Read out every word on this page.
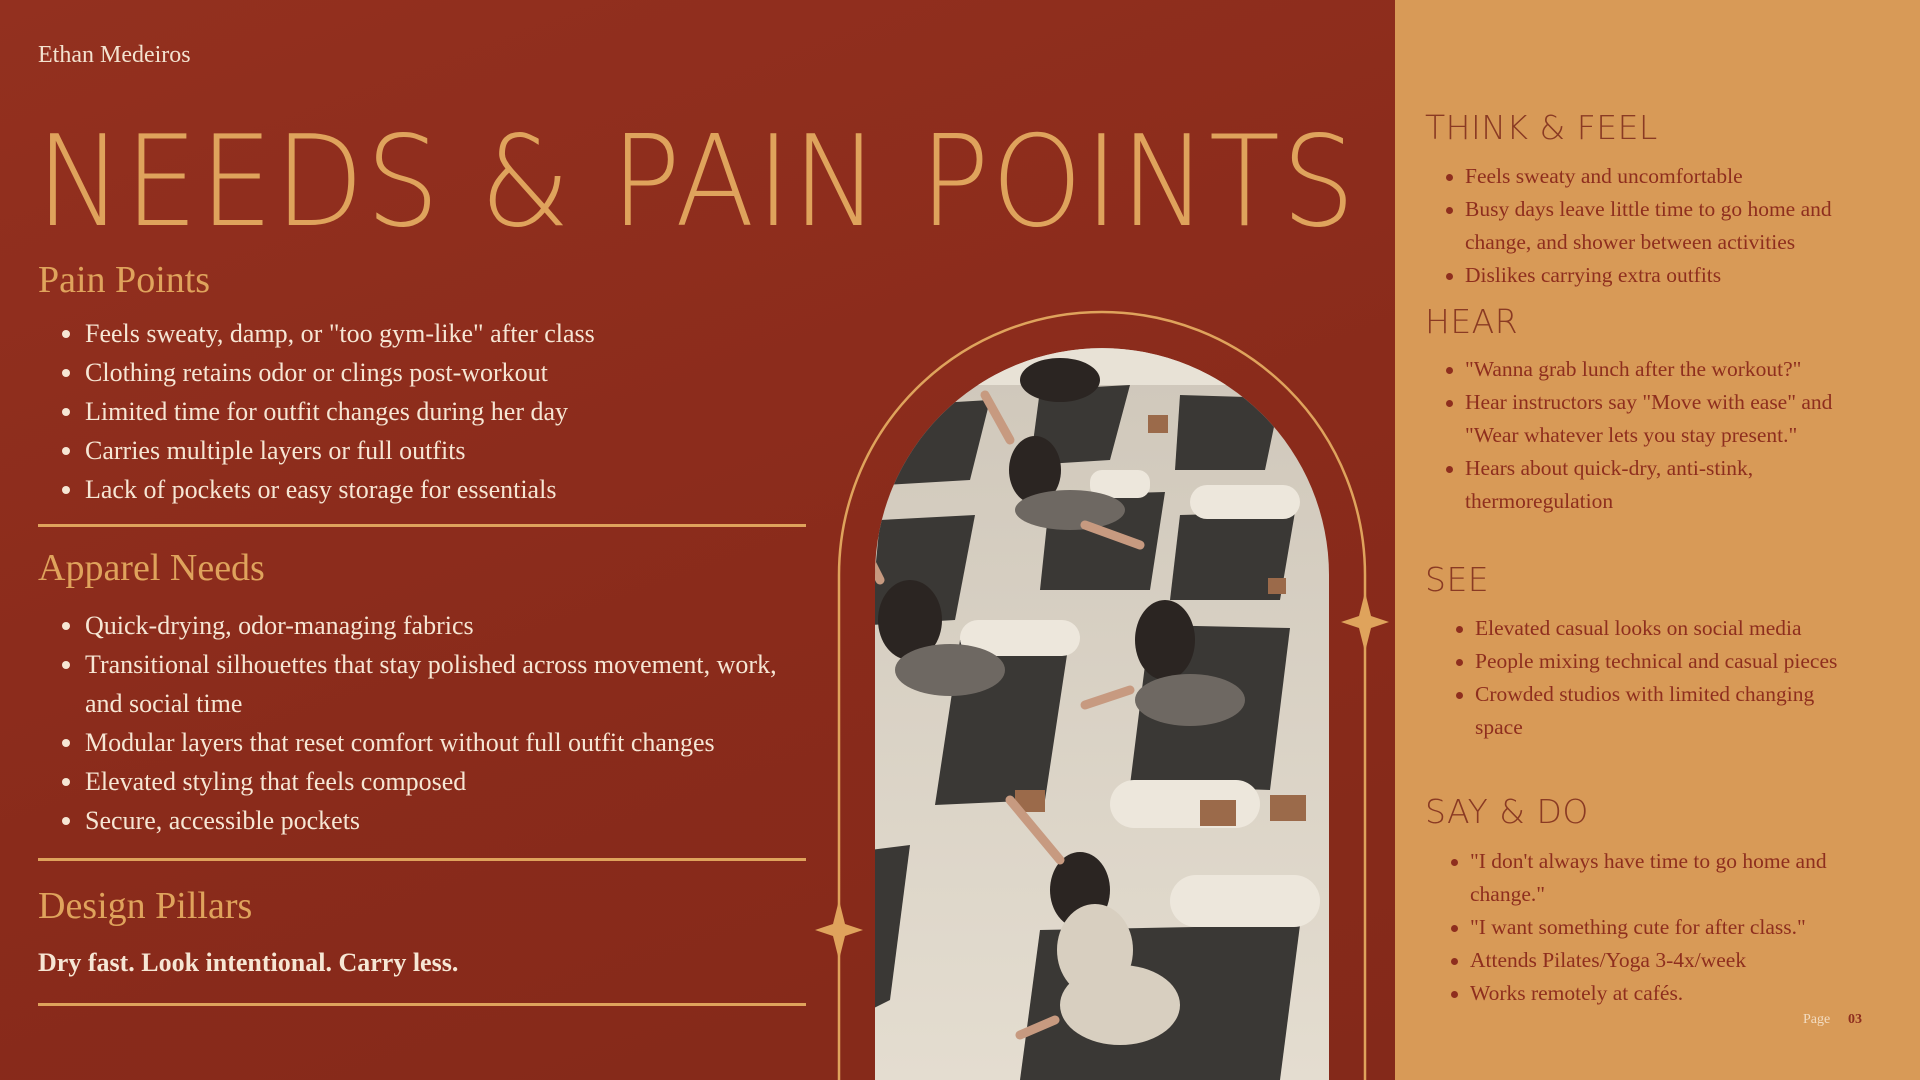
Ethan Medeiros
NEEDS & PAIN POINTS
Pain Points
Feels sweaty, damp, or "too gym-like" after class
Clothing retains odor or clings post-workout
Limited time for outfit changes during her day
Carries multiple layers or full outfits
Lack of pockets or easy storage for essentials
Apparel Needs
Quick-drying, odor-managing fabrics
Transitional silhouettes that stay polished across movement, work, and social time
Modular layers that reset comfort without full outfit changes
Elevated styling that feels composed
Secure, accessible pockets
Design Pillars
Dry fast. Look intentional. Carry less.
THINK & FEEL
Feels sweaty and uncomfortable
Busy days leave little time to go home and change, and shower between activities
Dislikes carrying extra outfits
HEAR
"Wanna grab lunch after the workout?"
Hear instructors say "Move with ease" and "Wear whatever lets you stay present."
Hears about quick-dry, anti-stink, thermoregulation
SEE
Elevated casual looks on social media
People mixing technical and casual pieces
Crowded studios with limited changing space
SAY & DO
"I don't always have time to go home and change."
"I want something cute for after class."
Attends Pilates/Yoga 3-4x/week
Works remotely at cafés.
Page 03
